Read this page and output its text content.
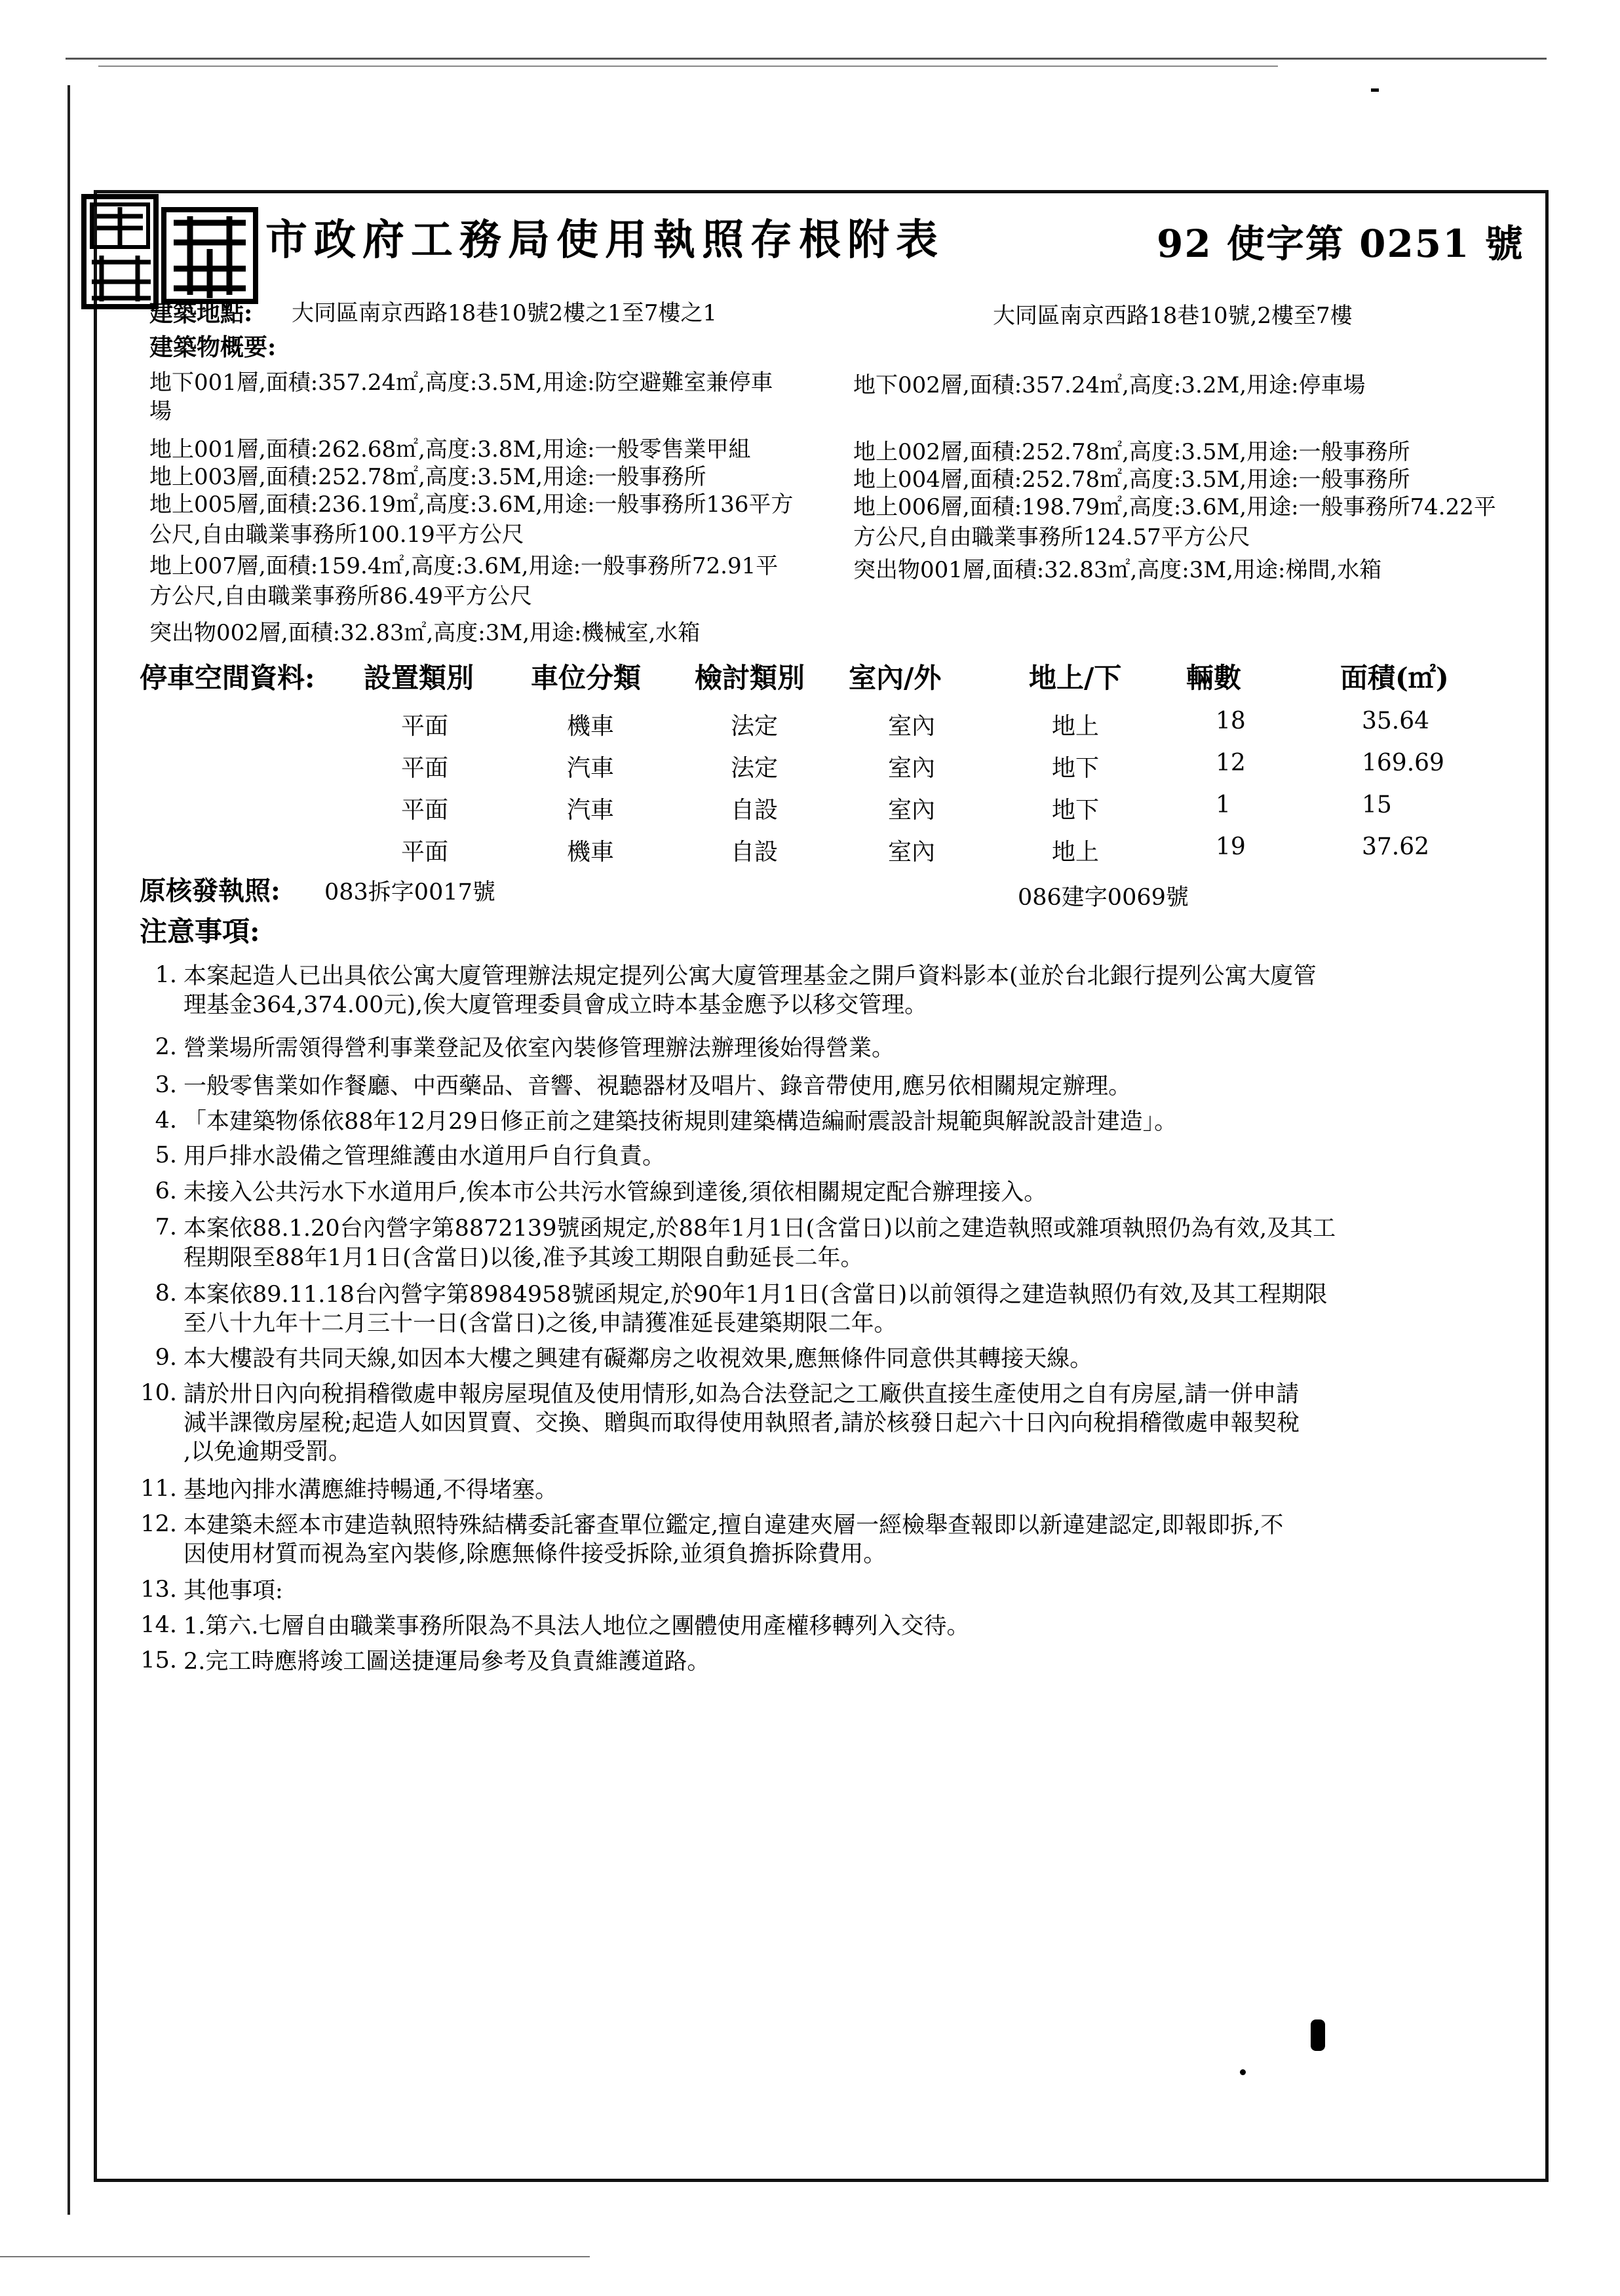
市政府工務局使用執照存根附表	92 使字第 0251 號
建築地點: 大同區南京西路18巷10號2樓之1至7樓之1	大同區南京西路18巷10號,2樓至7樓
建築物概要:
地下001層,面積:357.24㎡,高度:3.5M,用途:防空避難室兼停車
場
地下002層,面積:357.24㎡,高度:3.2M,用途:停車場
地上001層,面積:262.68㎡,高度:3.8M,用途:一般零售業甲組	地上002層,面積:252.78㎡,高度:3.5M,用途:一般事務所
地上003層,面積:252.78㎡,高度:3.5M,用途:一般事務所	地上004層,面積:252.78㎡,高度:3.5M,用途:一般事務所
地上005層,面積:236.19㎡,高度:3.6M,用途:一般事務所136平方
公尺,自由職業事務所100.19平方公尺
地上006層,面積:198.79㎡,高度:3.6M,用途:一般事務所74.22平
方公尺,自由職業事務所124.57平方公尺
地上007層,面積:159.4㎡,高度:3.6M,用途:一般事務所72.91平
方公尺,自由職業事務所86.49平方公尺
突出物001層,面積:32.83㎡,高度:3M,用途:梯間,水箱
突出物002層,面積:32.83㎡,高度:3M,用途:機械室,水箱
停車空間資料: 設置類別 車位分類 檢討類別 室內/外	地上/下 輛數	面積(㎡)
平面	機車	法定	室內	地上	18	35.64
平面	汽車	法定	室內	地下	12	169.69
平面	汽車	自設	室內	地下	1	15
平面	機車	自設	室內	地上	19	37.62
原核發執照: 083拆字0017號	086建字0069號
注意事項:
1. 本案起造人已出具依公寓大廈管理辦法規定提列公寓大廈管理基金之開戶資料影本(並於台北銀行提列公寓大廈管
理基金364,374.00元),俟大廈管理委員會成立時本基金應予以移交管理。
2. 營業場所需領得營利事業登記及依室內裝修管理辦法辦理後始得營業。
3. 一般零售業如作餐廳、中西藥品、音響、視聽器材及唱片、錄音帶使用,應另依相關規定辦理。
4. 「本建築物係依88年12月29日修正前之建築技術規則建築構造編耐震設計規範與解說設計建造」。
5. 用戶排水設備之管理維護由水道用戶自行負責。
6. 未接入公共污水下水道用戶,俟本市公共污水管線到達後,須依相關規定配合辦理接入。
7. 本案依88.1.20台內營字第8872139號函規定,於88年1月1日(含當日)以前之建造執照或雜項執照仍為有效,及其工
程期限至88年1月1日(含當日)以後,准予其竣工期限自動延長二年。
8. 本案依89.11.18台內營字第8984958號函規定,於90年1月1日(含當日)以前領得之建造執照仍有效,及其工程期限
至八十九年十二月三十一日(含當日)之後,申請獲准延長建築期限二年。
9. 本大樓設有共同天線,如因本大樓之興建有礙鄰房之收視效果,應無條件同意供其轉接天線。
10. 請於卅日內向稅捐稽徵處申報房屋現值及使用情形,如為合法登記之工廠供直接生產使用之自有房屋,請一併申請
減半課徵房屋稅;起造人如因買賣、交換、贈與而取得使用執照者,請於核發日起六十日內向稅捐稽徵處申報契稅
,以免逾期受罰。
11. 基地內排水溝應維持暢通,不得堵塞。
12. 本建築未經本市建造執照特殊結構委託審查單位鑑定,擅自違建夾層一經檢舉查報即以新違建認定,即報即拆,不
因使用材質而視為室內裝修,除應無條件接受拆除,並須負擔拆除費用。
13. 其他事項:
14. 1.第六.七層自由職業事務所限為不具法人地位之團體使用產權移轉列入交待。
15. 2.完工時應將竣工圖送捷運局參考及負責維護道路。
